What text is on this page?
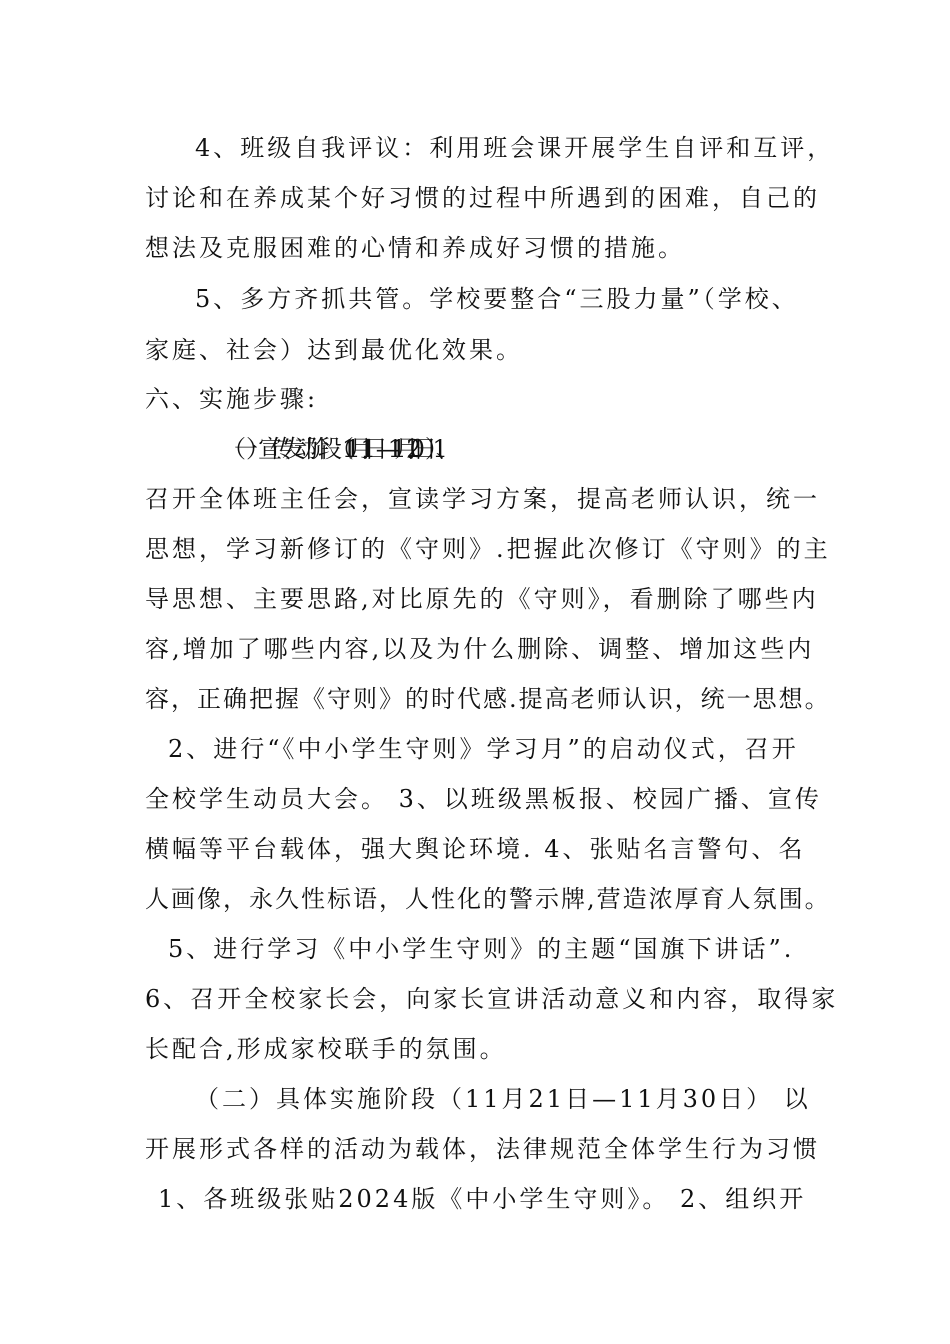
4、班级自我评议：利用班会课开展学生自评和互评，
讨论和在养成某个好习惯的过程中所遇到的困难，自己的
想法及克服困难的心情和养成好习惯的措施。
5、多方齐抓共管。学校要整合“三股力量”（学校、
家庭、社会）达到最优化效果。
六、实施步骤:
（一）宣传发动阶段（11月1日—11月20日） 1、
召开全体班主任会，宣读学习方案，提高老师认识，统一
思想，学习新修订的《守则》.把握此次修订《守则》的主
导思想、主要思路,对比原先的《守则》，看删除了哪些内
容,增加了哪些内容,以及为什么删除、调整、增加这些内
容，正确把握《守则》的时代感.提高老师认识，统一思想。
2、进行“《中小学生守则》学习月”的启动仪式，召开
全校学生动员大会。 3、以班级黑板报、校园广播、宣传
横幅等平台载体，强大舆论环境. 4、张贴名言警句、名
人画像，永久性标语，人性化的警示牌,营造浓厚育人氛围。
5、进行学习《中小学生守则》的主题“国旗下讲话”.
6、召开全校家长会，向家长宣讲活动意义和内容，取得家
长配合,形成家校联手的氛围。
（二）具体实施阶段（11月21日—11月30日） 以
开展形式各样的活动为载体，法律规范全体学生行为习惯
1、各班级张贴2024版《中小学生守则》。 2、组织开
